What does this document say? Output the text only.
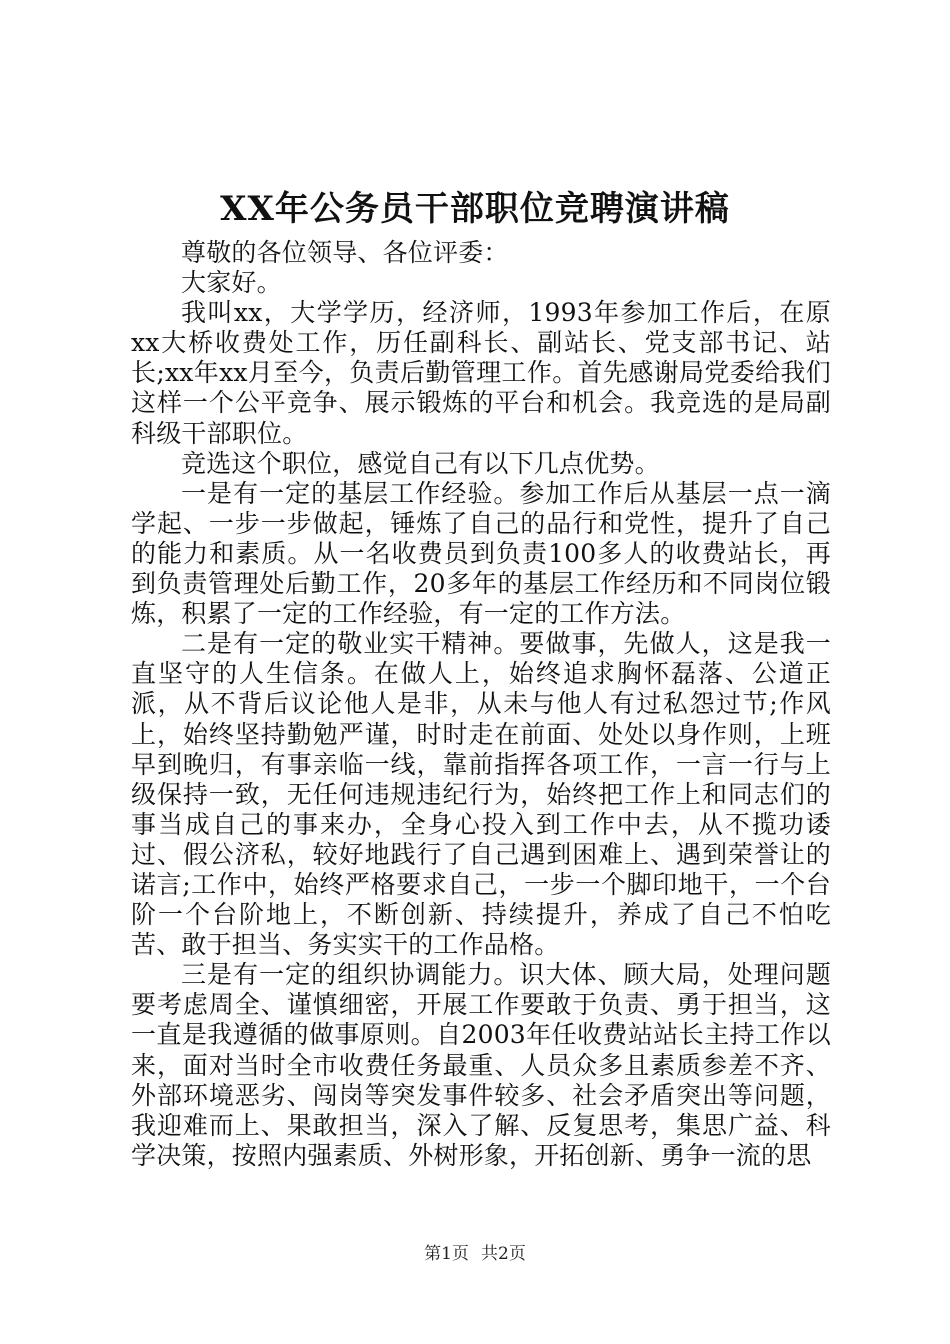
XX年公务员干部职位竞聘演讲稿

尊敬的各位领导、各位评委：

大家好。

我叫xx，大学学历，经济师，1993年参加工作后，在原xx大桥收费处工作，历任副科长、副站长、党支部书记、站长;xx年xx月至今，负责后勤管理工作。首先感谢局党委给我们这样一个公平竞争、展示锻炼的平台和机会。我竞选的是局副科级干部职位。

竞选这个职位，感觉自己有以下几点优势。

一是有一定的基层工作经验。参加工作后从基层一点一滴学起、一步一步做起，锤炼了自己的品行和党性，提升了自己的能力和素质。从一名收费员到负责100多人的收费站长，再到负责管理处后勤工作，20多年的基层工作经历和不同岗位锻炼，积累了一定的工作经验，有一定的工作方法。

二是有一定的敬业实干精神。要做事，先做人，这是我一直坚守的人生信条。在做人上，始终追求胸怀磊落、公道正派，从不背后议论他人是非，从未与他人有过私怨过节;作风上，始终坚持勤勉严谨，时时走在前面、处处以身作则，上班早到晚归，有事亲临一线，靠前指挥各项工作，一言一行与上级保持一致，无任何违规违纪行为，始终把工作上和同志们的事当成自己的事来办，全身心投入到工作中去，从不揽功诿过、假公济私，较好地践行了自己遇到困难上、遇到荣誉让的诺言;工作中，始终严格要求自己，一步一个脚印地干，一个台阶一个台阶地上，不断创新、持续提升，养成了自己不怕吃苦、敢于担当、务实实干的工作品格。

三是有一定的组织协调能力。识大体、顾大局，处理问题要考虑周全、谨慎细密，开展工作要敢于负责、勇于担当，这一直是我遵循的做事原则。自2003年任收费站站长主持工作以来，面对当时全市收费任务最重、人员众多且素质参差不齐、外部环境恶劣、闯岗等突发事件较多、社会矛盾突出等问题，我迎难而上、果敢担当，深入了解、反复思考，集思广益、科学决策，按照内强素质、外树形象，开拓创新、勇争一流的思

第1页 共2页
